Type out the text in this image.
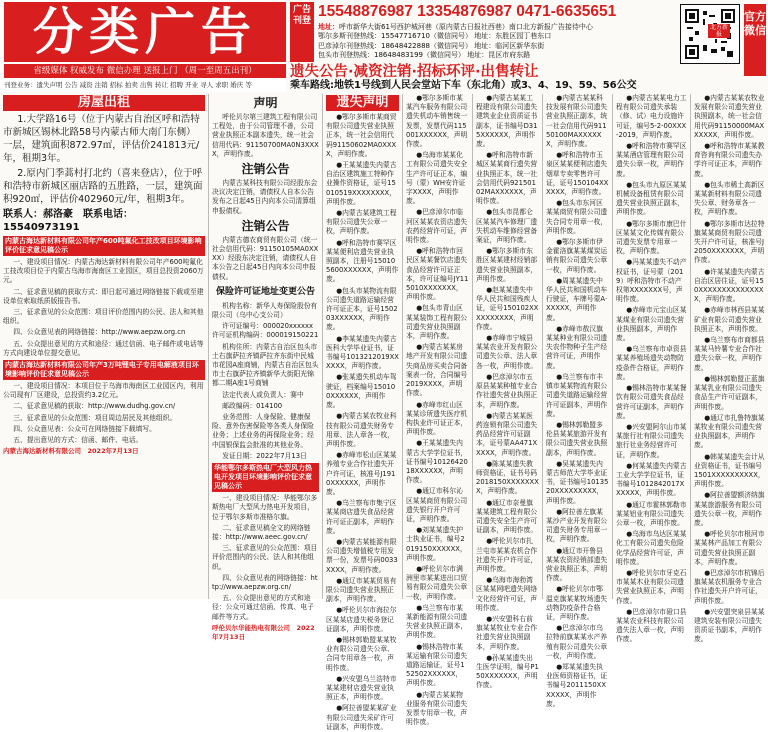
分类广告
省级媒体 权威发布 微信办理 送报上门 （周一至周五出刊）
刊登业务：遗失声明 公告 减资 注销 招标 拍卖 出售 转让 招聘 开业 寻人 求职 婚庆 等
广告刊登
15548876987 13354876987 0471-6635651
地址：呼市新华大街61号西护城河巷（原内蒙古日报社西巷）南口北方新报广告接待中心
鄂尔多斯刊登热线：15547716710（微信同号） 地址：东胜区园丁巷东口
巴彦淖尔刊登热线：18648422888（微信同号） 地址：临河区新华东街
包头市刊登热线：18648483199（微信同号） 地址：昆区市府东路
北方新报
官方微信
遗失公告·减资注销·招标环评·出售转让
乘车路线:地铁1号线到人民会堂站下车（东北角）或3、4、19、59、56公交
房屋出租

1.大学路16号（位于内蒙古自治区呼和浩特市新城区锡林北路58号内蒙古师大南门东侧）一层，建筑面积872.97㎡，评估价241813元/年，租期3年。

2.原内门季蒿村打北约（喜来登店），位于呼和浩特市新城区丽店路的五胜路，一层，建筑面积920㎡，评估价402960元/年，租期3年。

联系人：郝洛豪　联系电话：15540973191
内蒙古海达新材料有限公司年产600吨氟化工技改项目环境影响评价征求意见稿公示

一、建设项目情况：内蒙古海达新材料有限公司年产600吨氟化工技改项目位于内蒙古乌海市海南区工业园区，项目总投资2060万元。

二、征求意见稿的获取方式：即日起可通过网络链接下载或至建设单位索取纸质版报告书。

三、征求意见的公众范围：项目评价范围内的公民、法人和其他组织。

四、公众意见表的网络链接：http://www.aepzw.org.cn

五、公众提出意见的方式和途径：通过信函、电子邮件或电话等方式向建设单位提交意见。

内蒙古海达新材料有限公司年产3万吨锂电子专用电解液项目环境影响评价征求意见稿公示

一、建设项目情况：本项目位于乌海市海南区工业园区内，利用公司现有厂区建设，总投资约3.2亿元。

二、征求意见稿的获取：http://www.dudhg.gov.cn/

三、征求意见的公众范围：项目周边居民及其他组织。

四、公众意见表：公众可在网络链接下载填写。

五、提出意见的方式：信函、邮件、电话。

内蒙古海达新材料有限公司　2022年7月13日
声明

呼伦贝尔第三建筑工程有限公司工程处，由于公司管理不善，公司营业执照正本副本遗失，统一社会信用代码：91150700MA0N3XXXX，声明作废。

注销公告

内蒙古某科技有限公司经股东会决议决定注销，请债权人自本公告发布之日起45日内向本公司清算组申报债权。

注销公告

内蒙古德农商贸有限公司（统一社会信用代码：91150105MA0XXXX）经股东决定注销，请债权人自本公告之日起45日内向本公司申报债权。

保险许可证地址变更公告

机构名称：新华人寿保险股份有限公司（乌中心支公司）

许可证编号：000020xxxxxx　许可证机构编码：000019150221

机构住所：内蒙古自治区包头市土右旗萨拉齐镇萨拉齐东街中民城市花园A座商铺，内蒙古自治区包头市土右旗萨拉齐镇新华大街阳光锦都二期A座1号商铺

法定代表人或负责人：赛中

邮政编码：014100

业务范围：人身保险、健康保险、意外伤害保险等各类人身保险业务；上述业务的再保险业务；经中国银保监会批准的其他业务。

发证日期：2022年7月13日

华能鄂尔多斯热电厂大型风力热电开发项目环境影响评价征求意见稿公示

一、建设项目情况：华能鄂尔多斯热电厂大型风力热电开发项目，位于鄂尔多斯市准格尔旗。

二、征求意见稿全文的网络链接：http://www.aeec.gov.cn/

三、征求意见的公众范围：项目评价范围内的公民、法人和其他组织。

四、公众意见表的网络链接：http://www.aepzw.org.cn/

五、公众提出意见的方式和途径：公众可通过信函、传真、电子邮件等方式。

呼伦贝尔华能热电有限公司　2022年7月13日
遗失声明

●鄂尔多斯市某商贸有限公司遗失营业执照正本，统一社会信用代码91150602MA0XXXX，声明作废。

●王某某遗失内蒙古自治区建筑施工特种作业操作资格证，证号15010519XXXXXXXX，声明作废。

●内蒙古某建筑工程有限公司遗失公章一枚，声明作废。

●呼和浩特市赛罕区某某便利店遗失营业执照副本，注册号150105600XXXXXX，声明作废。

●包头市某物流有限公司遗失道路运输经营许可证正本，证号150203XXXXXX，声明作废。

●李某某遗失内蒙古医科大学毕业证书，证书编号1013212019XXXXXX，声明作废。

●张某遗失机动车驾驶证，档案编号150100XXXXXX，声明作废。

●内蒙古某农牧业科技有限公司遗失财务专用章、法人章各一枚，声明作废。

●赤峰市松山区某某养殖专业合作社遗失开户许可证，核准号J1910XXXXXX，声明作废。

●乌兰察布市集宁区某某商店遗失食品经营许可证正副本，声明作废。

●内蒙古某能源有限公司遗失增值税专用发票一份，发票号码0033XXXX，声明作废。

●通辽市某某贸易有限公司遗失营业执照正副本，声明作废。

●呼伦贝尔市海拉尔区某某店遗失税务登记证副本，声明作废。

●锡林郭勒盟某某牧业有限公司遗失公章、合同专用章各一枚，声明作废。

●兴安盟乌兰浩特市某某建材店遗失营业执照正本，声明作废。

●阿拉善盟某某矿业有限公司遗失采矿许可证副本，声明作废。

●鄂尔多斯市某某汽车服务有限公司遗失机动车销售统一发票，发票代码115001XXXXXX，声明作废。

●乌海市某某化工有限公司遗失安全生产许可证正本，编号（蒙）WH安许证字XXXX，声明作废。

●巴彦淖尔市临河区某某农资店遗失农药经营许可证，声明作废。

●呼和浩特市回民区某某餐饮店遗失食品经营许可证正本，许可证编号JY115010XXXXXXX，声明作废。

●包头市青山区某某装饰工程有限公司遗失营业执照副本，声明作废。

●内蒙古某某房地产开发有限公司遗失商品房买卖合同备案表一份，合同编号2019XXXX，声明作废。

●赤峰市红山区某某诊所遗失医疗机构执业许可证正本，声明作废。

●王某某遗失内蒙古大学学位证书，证书编号1012642018XXXXXX，声明作废。

●通辽市科尔沁区某某商贸有限公司遗失银行开户许可证，声明作废。

●刘某某遗失护士执业证书，编号2019150XXXXXX，声明作废。

●呼伦贝尔市满洲里市某某进出口贸易有限公司遗失公章一枚，声明作废。

●乌兰察布市某某新能源有限公司遗失营业执照正副本，声明作废。

●锡林浩特市某某运输有限公司遗失道路运输证，证号152502XXXXXX，声明作废。

●内蒙古某某物业服务有限公司遗失发票专用章一枚，声明作废。

●内蒙古某某工程建设有限公司遗失建筑业企业资质证书副本，证书编号D315XXXXXX，声明作废。

●呼和浩特市新城区某某商行遗失营业执照正本，统一社会信用代码92150102MAXXXXXX，声明作废。

●包头市昆都仑区某某汽车修理厂遗失机动车维修经营备案证，声明作废。

●鄂尔多斯市东胜区某某建材经销部遗失营业执照副本，声明作废。

●赵某某遗失中华人民共和国残疾人证，证号150102XXXXXXXXXX，声明作废。

●赤峰市宁城县某某农业开发有限公司遗失公章、法人章各一枚，声明作废。

●巴彦淖尔市五原县某某种植专业合作社遗失营业执照正本，声明作废。

●内蒙古某某医药连锁有限公司遗失药品经营许可证副本，证号蒙AA471XXXXX，声明作废。

●陈某某遗失教师资格证，证书号码2018150XXXXXXXX，声明作废。

●通辽市奈曼旗某某建筑工程有限公司遗失安全生产许可证副本，声明作废。

●呼伦贝尔市扎兰屯市某某农机合作社遗失开户许可证，声明作废。

●乌海市海勃湾区某某网吧遗失网络文化经营许可证，声明作废。

●兴安盟科右前旗某某牧业专业合作社遗失营业执照副本，声明作废。

●孙某某遗失出生医学证明，编号P150XXXXXXX，声明作废。

●内蒙古某某科技发展有限公司遗失营业执照正副本，统一社会信用代码91150100MAXXXXXX，声明作废。

●呼和浩特市玉泉区某某便利店遗失烟草专卖零售许可证，证号150104XXXXXX，声明作废。

●包头市东河区某某商贸有限公司遗失合同专用章一枚，声明作废。

●鄂尔多斯市伊金霍洛旗某某煤炭运销有限公司遗失公章一枚，声明作废。

●周某某遗失中华人民共和国机动车行驶证，车牌号蒙A·XXXXX，声明作废。

●赤峰市敖汉旗某某种业有限公司遗失农作物种子生产经营许可证，声明作废。

●乌兰察布市丰镇市某某物流有限公司遗失道路运输经营许可证副本，声明作废。

●锡林郭勒盟多伦县某某旅游开发有限公司遗失营业执照副本，声明作废。

●吴某某遗失内蒙古师范大学毕业证书，证书编号1013520XXXXXXXXX，声明作废。

●阿拉善左旗某某沙产业开发有限公司遗失财务专用章一枚，声明作废。

●通辽市开鲁县某某农资经销部遗失营业执照正本，声明作废。

●呼伦贝尔市鄂温克旗某某牧场遗失动物防疫条件合格证，声明作废。

●巴彦淖尔市乌拉特前旗某某水产养殖有限公司遗失公章一枚，声明作废。

●郑某某遗失执业医师资格证书，证书编号2011150XXXXXXX，声明作废。

●内蒙古某某电力工程有限公司遗失承装（修、试）电力设施许可证，编号5-2-00XXX-2019，声明作废。

●呼和浩特市赛罕区某某酒店管理有限公司遗失公章一枚，声明作废。

●包头市九原区某某机械设备租赁有限公司遗失营业执照正副本，声明作废。

●鄂尔多斯市康巴什区某某文化传媒有限公司遗失发票专用章一枚，声明作废。

●冯某某遗失不动产权证书，证号蒙（2019）呼和浩特市不动产权第XXXXXXX号，声明作废。

●赤峰市元宝山区某某煤业有限公司遗失营业执照副本，声明作废。

●乌兰察布市卓资县某某养殖场遗失动物防疫条件合格证，声明作废。

●锡林浩特市某某餐饮有限公司遗失食品经营许可证副本，声明作废。

●兴安盟阿尔山市某某旅行社有限公司遗失旅行社业务经营许可证，声明作废。

●何某某遗失内蒙古工业大学学位证书，证书编号1012842017XXXXXX，声明作废。

●通辽市霍林郭勒市某某铝业有限公司遗失公章一枚，声明作废。

●乌海市乌达区某某化工有限公司遗失危险化学品经营许可证，声明作废。

●呼伦贝尔市牙克石市某某木业有限公司遗失营业执照正本，声明作废。

●巴彦淖尔市磴口县某某农业科技有限公司遗失法人章一枚，声明作废。

●内蒙古某某农牧业发展有限公司遗失营业执照副本，统一社会信用代码91150000MAXXXXXX，声明作废。

●呼和浩特市某某教育咨询有限公司遗失办学许可证正本，声明作废。

●包头市稀土高新区某某新材料有限公司遗失公章、财务章各一枚，声明作废。

●鄂尔多斯市达拉特旗某某商贸有限公司遗失开户许可证，核准号J2050XXXXXXX，声明作废。

●许某某遗失内蒙古自治区居住证，证号150XXXXXXXXXXXXXXX，声明作废。

●赤峰市林西县某某矿业有限公司遗失营业执照正本，声明作废。

●乌兰察布市商都县某某马铃薯专业合作社遗失公章一枚，声明作废。

●锡林郭勒盟正蓝旗某某乳业有限公司遗失食品生产许可证副本，声明作废。

●通辽市扎鲁特旗某某牧业有限公司遗失营业执照副本，声明作废。

●韩某某遗失会计从业资格证书，证书编号1501XXXXXXXXXX，声明作废。

●阿拉善盟额济纳旗某某旅游服务有限公司遗失公章一枚，声明作废。

●呼伦贝尔市根河市某某林产品加工有限公司遗失营业执照正副本，声明作废。

●巴彦淖尔市杭锦后旗某某农机服务专业合作社遗失开户许可证，声明作废。

●兴安盟突泉县某某建筑安装有限公司遗失资质证书副本，声明作废。
